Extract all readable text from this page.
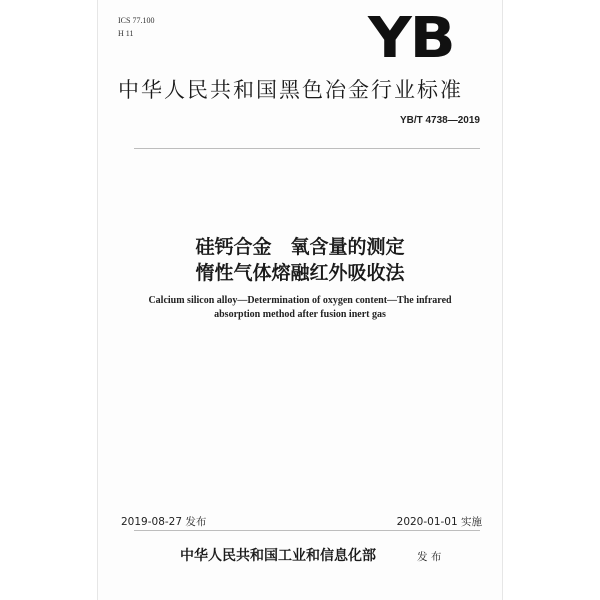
ICS 77.100
H 11	YB
中华人民共和国黑色冶金行业标准
YB/T 4738—2019
硅钙合金　氧含量的测定
惰性气体熔融红外吸收法
Calcium silicon alloy—Determination of oxygen content—The infrared
absorption method after fusion inert gas
2019-08-27 发布	2020-01-01 实施
中华人民共和国工业和信息化部	发 布
